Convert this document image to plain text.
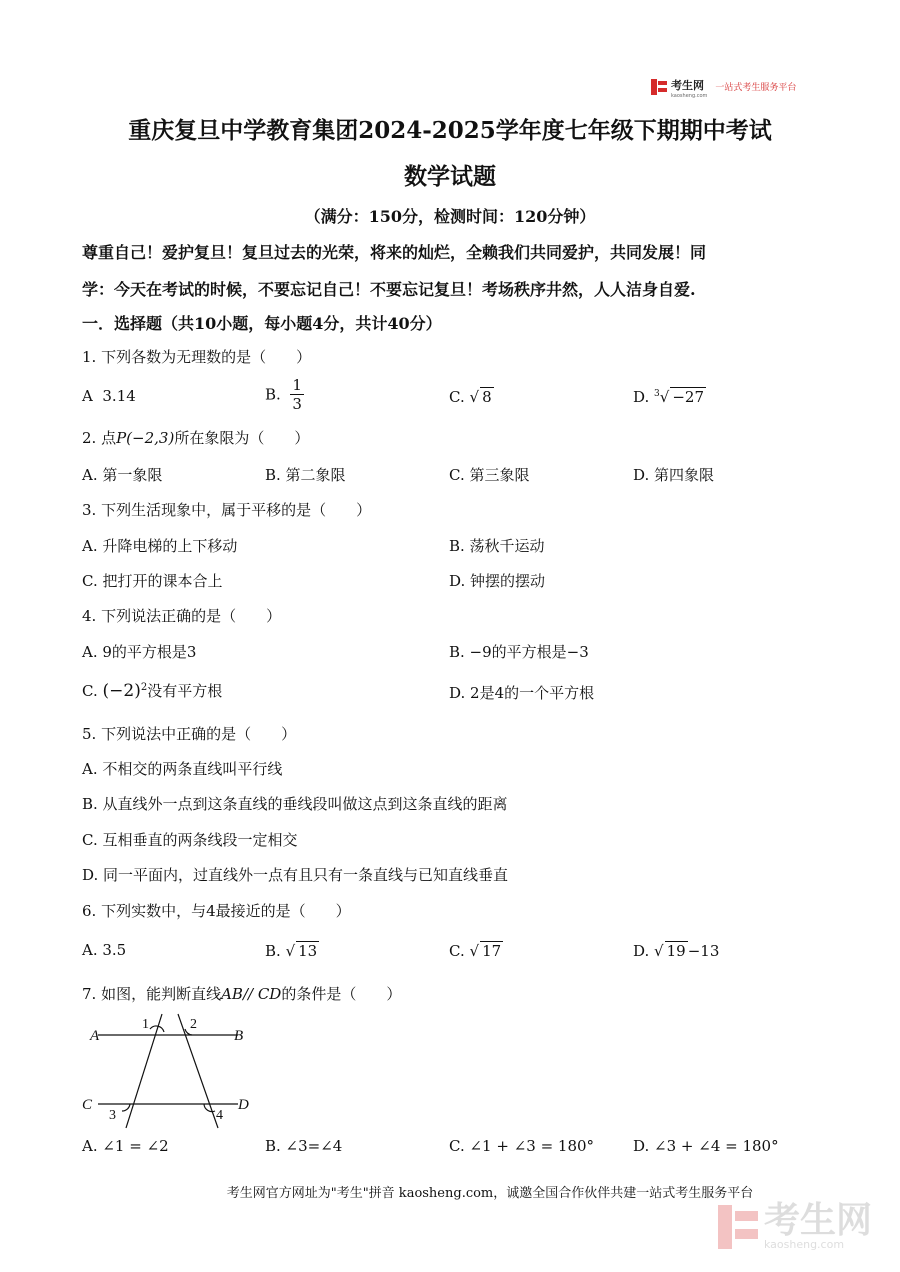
考生网
kaosheng.com
一站式考生服务平台
重庆复旦中学教育集团2024-2025学年度七年级下期期中考试
数学试题
（满分：150分，检测时间：120分钟）
尊重自己！爱护复旦！复旦过去的光荣，将来的灿烂，全赖我们共同爱护，共同发展！同
学：今天在考试的时候，不要忘记自己！不要忘记复旦！考场秩序井然，人人洁身自爱.
一．选择题（共10小题，每小题4分，共计40分）
1. 下列各数为无理数的是（　　）
A 3.14	B. $\frac{1}{3}$	C. √ 8	D. $^3$√ −27
2. 点P(−2,3)所在象限为（　　）
A. 第一象限	B. 第二象限	C. 第三象限	D. 第四象限
3. 下列生活现象中，属于平移的是（　　）
A. 升降电梯的上下移动	B. 荡秋千运动
C. 把打开的课本合上	D. 钟摆的摆动
4. 下列说法正确的是（　　）
A. 9的平方根是3	B. −9的平方根是−3
C. $(-2)^2$没有平方根	D. 2是4的一个平方根
5. 下列说法中正确的是（　　）
A. 不相交的两条直线叫平行线
B. 从直线外一点到这条直线的垂线段叫做这点到这条直线的距离
C. 互相垂直的两条线段一定相交
D. 同一平面内，过直线外一点有且只有一条直线与已知直线垂直
6. 下列实数中，与4最接近的是（　　）
A. 3.5	B. √ 13	C. √ 17	D. √ 19 −13
7. 如图，能判断直线AB// CD的条件是（　　）
A	B
C	D
1	2
3	4
A. ∠1 = ∠2	B. ∠3=∠4	C. ∠1 + ∠3 = 180°	D. ∠3 + ∠4 = 180°
考生网官方网址为"考生"拼音 kaosheng.com，诚邀全国合作伙伴共建一站式考生服务平台
考生网
kaosheng.com
